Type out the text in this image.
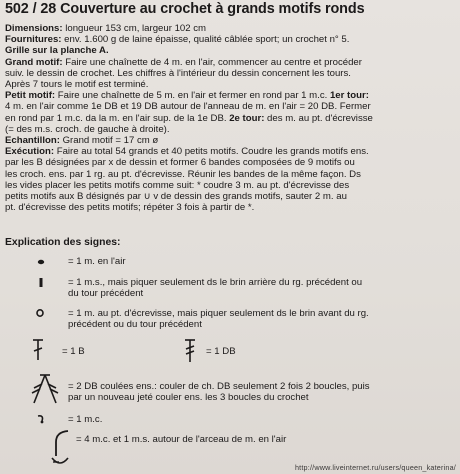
502 / 28 Couverture au crochet à grands motifs ronds

Dimensions: longueur 153 cm, largeur 102 cm

Fournitures: env. 1.600 g de laine épaisse, qualité câblée sport; un crochet n° 5.

Grille sur la planche A.

Grand motif: Faire une chaînette de 4 m. en l'air, commencer au centre et procéder

suiv. le dessin de crochet. Les chiffres à l'intérieur du dessin concernent les tours.

Après 7 tours le motif est terminé.

Petit motif: Faire une chaînette de 5 m. en l'air et fermer en rond par 1 m.c. 1er tour:

4 m. en l'air comme 1e DB et 19 DB autour de l'anneau de m. en l'air = 20 DB. Fermer

en rond par 1 m.c. da la m. en l'air sup. de la 1e DB. 2e tour: des m. au pt. d'écrevisse

(= des m.s. croch. de gauche à droite).

Echantillon: Grand motif = 17 cm ø

Exécution: Faire au total 54 grands et 40 petits motifs. Coudre les grands motifs ens.

par les B désignées par x de dessin et former 6 bandes composées de 9 motifs ou

les croch. ens. par 1 rg. au pt. d'écrevisse. Réunir les bandes de la même façon. Ds

les vides placer les petits motifs comme suit: * coudre 3 m. au pt. d'écrevisse des

petits motifs aux B désignés par ∪ v de dessin des grands motifs, sauter 2 m. au

pt. d'écrevisse des petits motifs; répéter 3 fois à partir de *.

Explication des signes:
= 1 m. en l'air
= 1 m.s., mais piquer seulement ds le brin arrière du rg. précédent ou
du tour précédent
= 1 m. au pt. d'écrevisse, mais piquer seulement ds le brin avant du rg.
précédent ou du tour précédent
= 1 B	= 1 DB
= 2 DB coulées ens.: couler de ch. DB seulement 2 fois 2 boucles, puis
par un nouveau jeté couler ens. les 3 boucles du crochet
= 1 m.c.
= 4 m.c. et 1 m.s. autour de l'arceau de m. en l'air
http://www.liveinternet.ru/users/queen_katerina/
